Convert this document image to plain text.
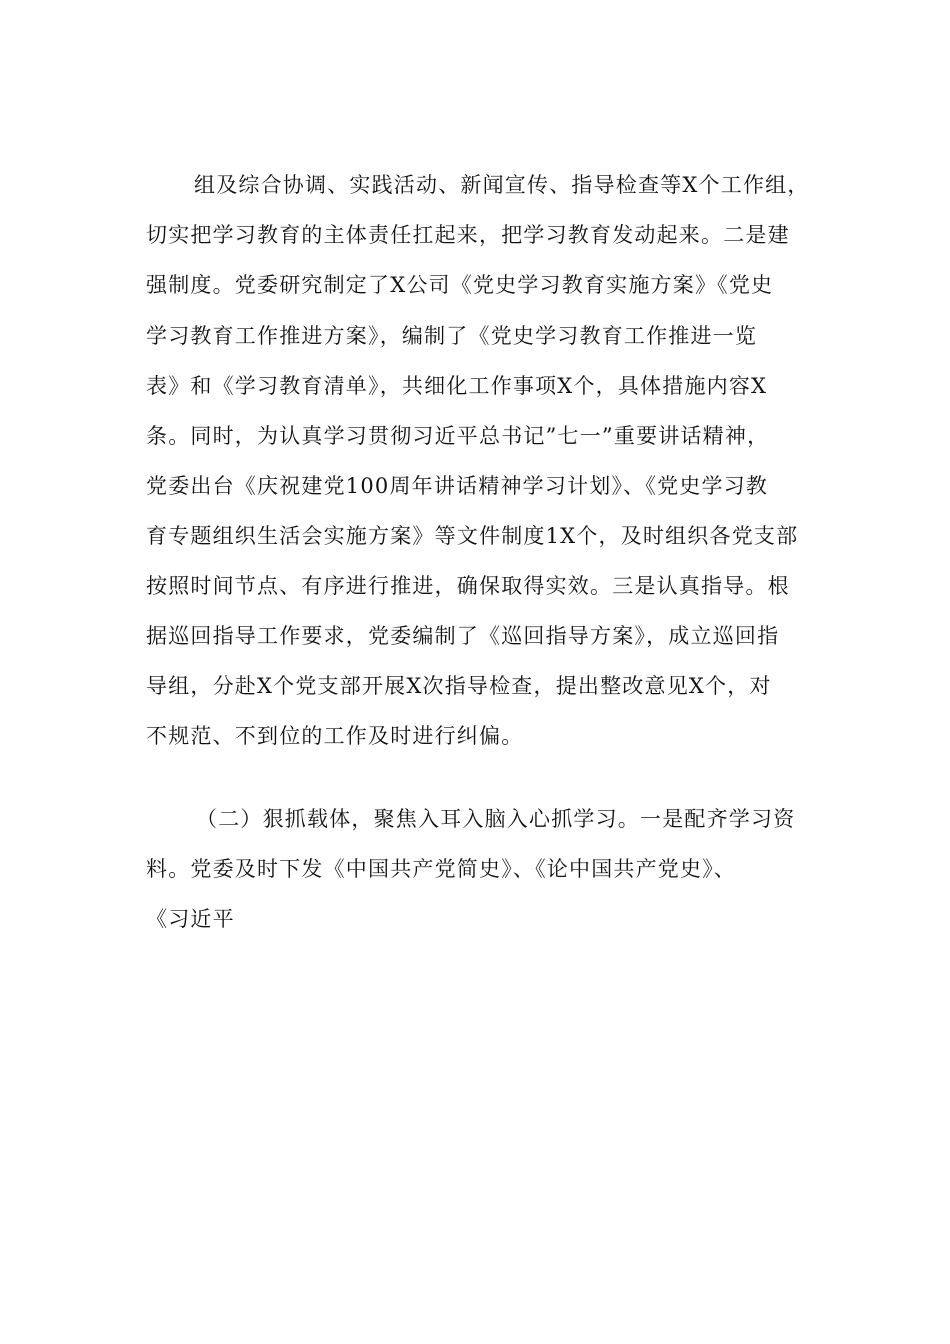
组及综合协调、实践活动、新闻宣传、指导检查等X个工作组，
切实把学习教育的主体责任扛起来，把学习教育发动起来。二是建
强制度。党委研究制定了X公司《党史学习教育实施方案》《党史
学习教育工作推进方案》，编制了《党史学习教育工作推进一览
表》和《学习教育清单》，共细化工作事项X个，具体措施内容X
条。同时，为认真学习贯彻习近平总书记”七一”重要讲话精神，
党委出台《庆祝建党100周年讲话精神学习计划》、《党史学习教
育专题组织生活会实施方案》等文件制度1X个，及时组织各党支部
按照时间节点、有序进行推进，确保取得实效。三是认真指导。根
据巡回指导工作要求，党委编制了《巡回指导方案》，成立巡回指
导组，分赴X个党支部开展X次指导检查，提出整改意见X个，对
不规范、不到位的工作及时进行纠偏。
（二）狠抓载体，聚焦入耳入脑入心抓学习。一是配齐学习资
料。党委及时下发《中国共产党简史》、《论中国共产党史》、
《习近平
